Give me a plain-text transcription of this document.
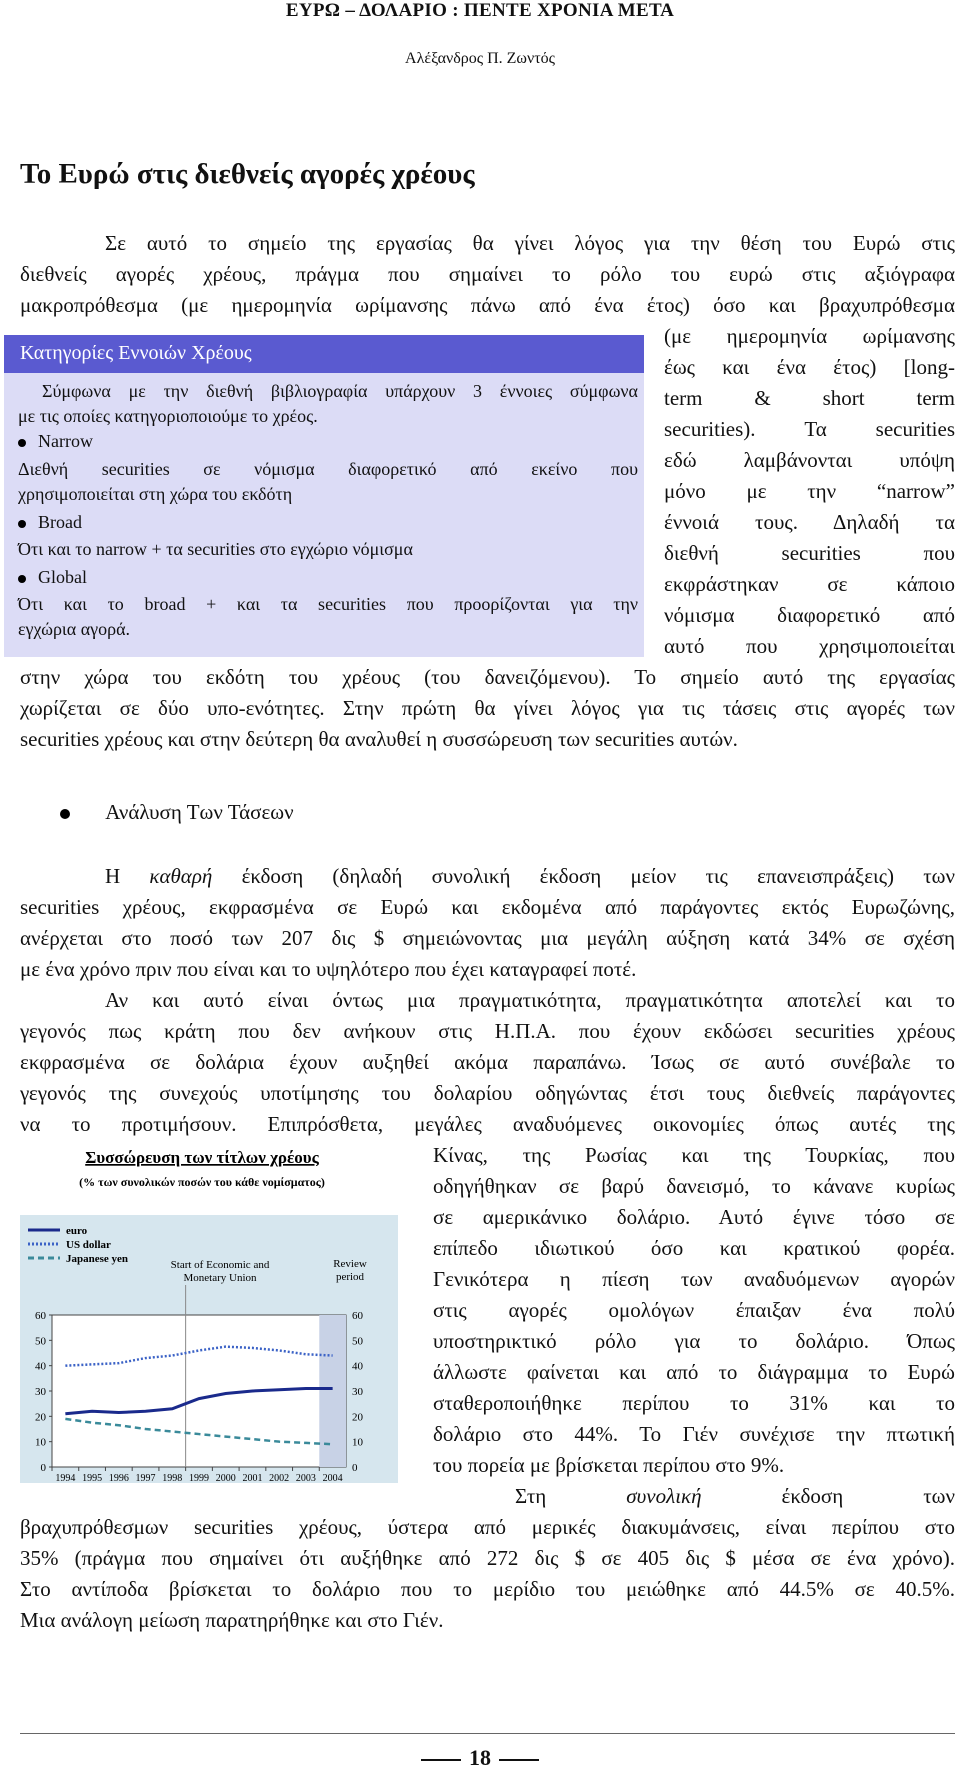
ΕΥΡΩ – ΔΟΛΑΡΙΟ : ΠΕΝΤΕ ΧΡΟΝΙΑ ΜΕΤΑ
Αλέξανδρος Π. Ζωντός
Το Ευρώ στις διεθνείς αγορές χρέους
Σε αυτό το σημείο της εργασίας θα γίνει λόγος για την θέση του Ευρώ στις
διεθνείς αγορές χρέους, πράγμα που σημαίνει το ρόλο του ευρώ στις αξιόγραφα
μακροπρόθεσμα (με ημερομηνία ωρίμανσης πάνω από ένα έτος) όσο και βραχυπρόθεσμα
(με ημερομηνία ωρίμανσης
έως και ένα έτος) [long-
term & short term
securities). Τα securities
εδώ λαμβάνονται υπόψη
μόνο με την “narrow”
έννοιά τους. Δηλαδή τα
διεθνή securities που
εκφράστηκαν σε κάποιο
νόμισμα διαφορετικό από
αυτό που χρησιμοποιείται
στην χώρα του εκδότη του χρέους (του δανειζόμενου). Το σημείο αυτό της εργασίας
χωρίζεται σε δύο υπο-ενότητες. Στην πρώτη θα γίνει λόγος για τις τάσεις στις αγορές των
securities χρέους και στην δεύτερη θα αναλυθεί η συσσώρευση των securities αυτών.
Κατηγορίες Εννοιών Χρέους
Σύμφωνα με την διεθνή βιβλιογραφία υπάρχουν 3 έννοιες σύμφωνα
με τις οποίες κατηγοριοποιούμε το χρέος.
Narrow
Διεθνή securities σε νόμισμα διαφορετικό από εκείνο που
χρησιμοποιείται στη χώρα του εκδότη
Broad
Ότι και το narrow + τα securities στο εγχώριο νόμισμα
Global
Ότι και το broad + και τα securities που προορίζονται για την
εγχώρια αγορά.
Ανάλυση Των Τάσεων
Η καθαρή έκδοση (δηλαδή συνολική έκδοση μείον τις επανεισπράξεις) των
securities χρέους, εκφρασμένα σε Ευρώ και εκδομένα από παράγοντες εκτός Ευρωζώνης,
ανέρχεται στο ποσό των 207 δις $ σημειώνοντας μια μεγάλη αύξηση κατά 34% σε σχέση
με ένα χρόνο πριν που είναι και το υψηλότερο που έχει καταγραφεί ποτέ.
Αν και αυτό είναι όντως μια πραγματικότητα, πραγματικότητα αποτελεί και το
γεγονός πως κράτη που δεν ανήκουν στις Η.Π.Α. που έχουν εκδώσει securities χρέους
εκφρασμένα σε δολάρια έχουν αυξηθεί ακόμα παραπάνω. Ίσως σε αυτό συνέβαλε το
γεγονός της συνεχούς υποτίμησης του δολαρίου οδηγώντας έτσι τους διεθνείς παράγοντες
να το προτιμήσουν. Επιπρόσθετα, μεγάλες αναδυόμενες οικονομίες όπως αυτές της
Κίνας, της Ρωσίας και της Τουρκίας, που
οδηγήθηκαν σε βαρύ δανεισμό, το κάνανε κυρίως
σε αμερικάνικο δολάριο. Αυτό έγινε τόσο σε
επίπεδο ιδιωτικού όσο και κρατικού φορέα.
Γενικότερα η πίεση των αναδυόμενων αγορών
στις αγορές ομολόγων έπαιξαν ένα πολύ
υποστηρικτικό ρόλο για το δολάριο. Όπως
άλλωστε φαίνεται και από το διάγραμμα το Ευρώ
σταθεροποιήθηκε περίπου το 31% και το
δολάριο στο 44%. Το Γιέν συνέχισε την πτωτική
του πορεία με βρίσκεται περίπου στο 9%.
Στη	συνολική	έκδοση	των
βραχυπρόθεσμων securities χρέους, ύστερα από μερικές διακυμάνσεις, είναι περίπου στο
35% (πράγμα που σημαίνει ότι αυξήθηκε από 272 δις $ σε 405 δις $ μέσα σε ένα χρόνο).
Στο αντίποδα βρίσκεται το δολάριο που το μερίδιο του μειώθηκε από 44.5% σε 40.5%.
Μια ανάλογη μείωση παρατηρήθηκε και στο Γιέν.
Συσσώρευση των τίτλων χρέους
(% των συνολικών ποσών του κάθε νομίσματος)
0	0
10	10
20	20
30	30
40	40
50	50
60	60
1994 1995 1996 1997 1998 1999 2000 2001 2002 2003 2004
euro
US dollar
Japanese yen	Start of Economic and
Monetary Union
Review
period
18
